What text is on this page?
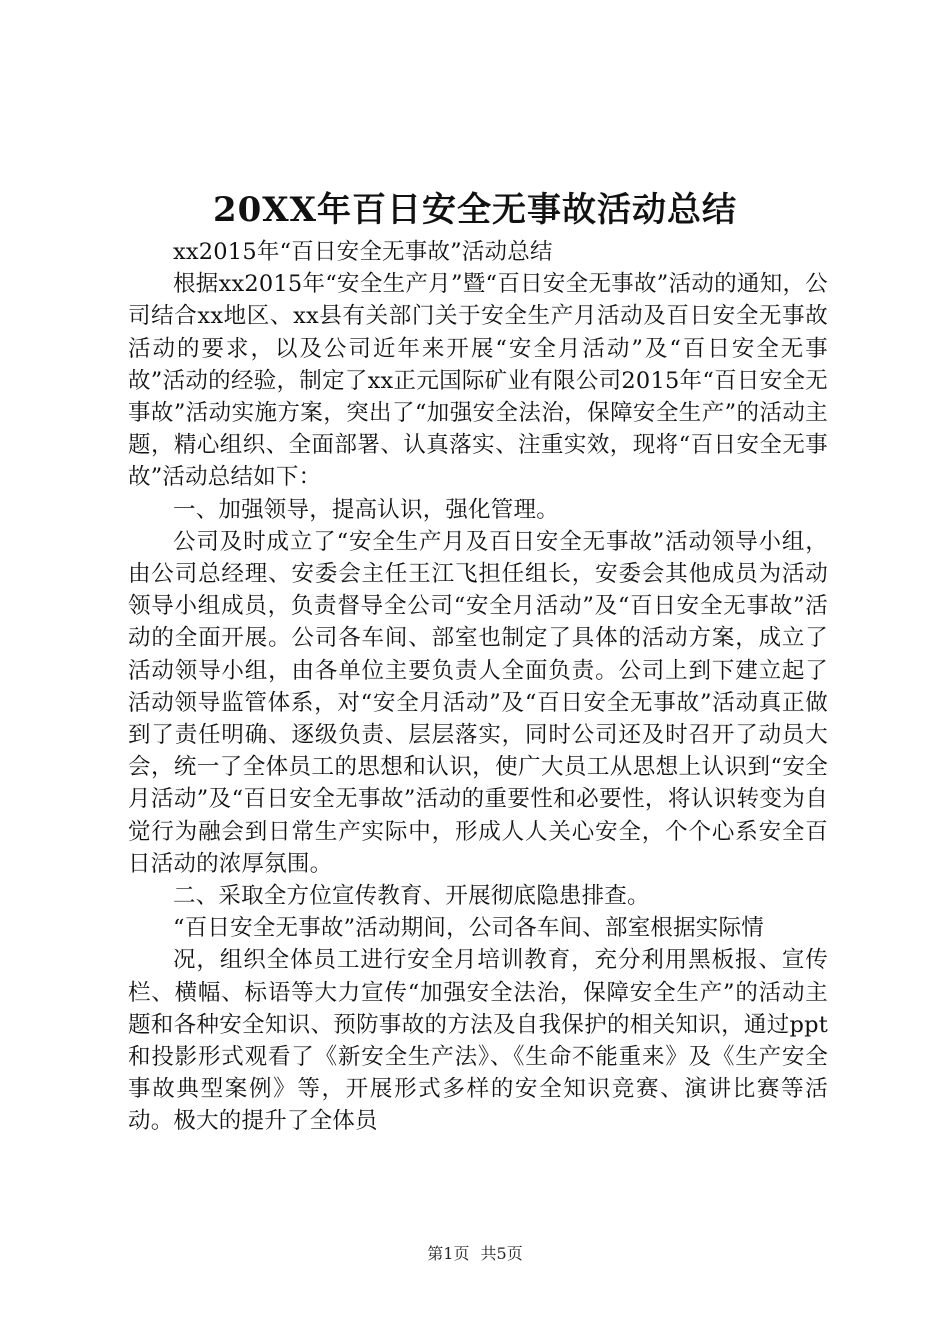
20XX年百日安全无事故活动总结

xx2015年“百日安全无事故”活动总结

根据xx2015年“安全生产月”暨“百日安全无事故”活动的通知，公司结合xx地区、xx县有关部门关于安全生产月活动及百日安全无事故活动的要求，以及公司近年来开展“安全月活动”及“百日安全无事故”活动的经验，制定了xx正元国际矿业有限公司2015年“百日安全无事故”活动实施方案，突出了“加强安全法治，保障安全生产”的活动主题，精心组织、全面部署、认真落实、注重实效，现将“百日安全无事故”活动总结如下：

一、加强领导，提高认识，强化管理。

公司及时成立了“安全生产月及百日安全无事故”活动领导小组，由公司总经理、安委会主任王江飞担任组长，安委会其他成员为活动领导小组成员，负责督导全公司“安全月活动”及“百日安全无事故”活动的全面开展。公司各车间、部室也制定了具体的活动方案，成立了活动领导小组，由各单位主要负责人全面负责。公司上到下建立起了活动领导监管体系，对“安全月活动”及“百日安全无事故”活动真正做到了责任明确、逐级负责、层层落实，同时公司还及时召开了动员大会，统一了全体员工的思想和认识，使广大员工从思想上认识到“安全月活动”及“百日安全无事故”活动的重要性和必要性，将认识转变为自觉行为融会到日常生产实际中，形成人人关心安全，个个心系安全百日活动的浓厚氛围。

二、采取全方位宣传教育、开展彻底隐患排查。

“百日安全无事故”活动期间，公司各车间、部室根据实际情

况，组织全体员工进行安全月培训教育，充分利用黑板报、宣传栏、横幅、标语等大力宣传“加强安全法治，保障安全生产”的活动主题和各种安全知识、预防事故的方法及自我保护的相关知识，通过ppt和投影形式观看了《新安全生产法》、《生命不能重来》及《生产安全事故典型案例》等，开展形式多样的安全知识竞赛、演讲比赛等活动。极大的提升了全体员

第1页 共5页
